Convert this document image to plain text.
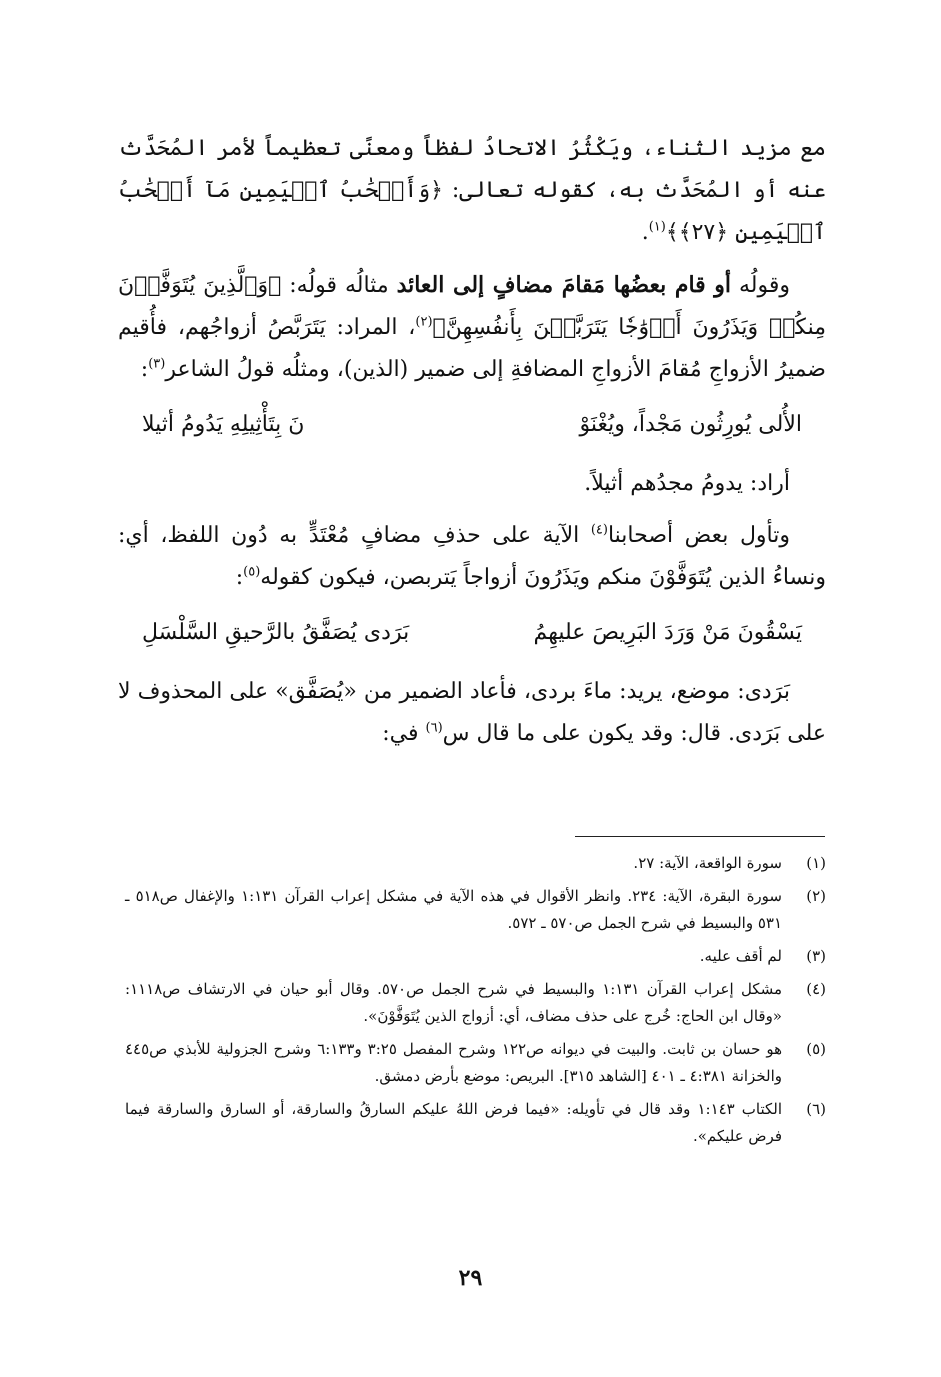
مع مزيد الثناء، ويَكْثُرُ الاتحادُ لفظاً ومعنًى تعظيماً لأمر المُحَدَّث عنه أو المُحَدَّث به، كقوله تعالى: ﴿وَأَصۡحَٰبُ ٱلۡيَمِينِ مَآ أَصۡحَٰبُ ٱلۡيَمِينِ ﴿٢٧﴾﴾$^{(١)}$.

وقولُه أو قام بعضُها مَقامَ مضافٍ إلى العائد مثالُه قولُه: ﴿وَٱلَّذِينَ يُتَوَفَّوۡنَ مِنكُمۡ وَيَذَرُونَ أَزۡوَٰجٗا يَتَرَبَّصۡنَ بِأَنفُسِهِنَّ﴾$^{(٢)}$، المراد: يَتَرَبَّصُ أزواجُهم، فأُقيم ضميرُ الأزواجِ مُقامَ الأزواجِ المضافةِ إلى ضمير (الذين)، ومثلُه قولُ الشاعر$^{(٣)}$:

الأُلى يُورِثُون مَجْداً، ويُغْنَوْ
نَ بِتَأْثِيلِهِ يَدُومُ أثيلا

أراد: يدومُ مجدُهم أثيلاً.

وتأول بعض أصحابنا$^{(٤)}$ الآية على حذفِ مضافٍ مُعْتَدٍّ به دُون اللفظ، أي: ونساءُ الذين يُتَوَفَّوْنَ منكم ويَذَرُونَ أزواجاً يَتربصن، فيكون كقوله$^{(٥)}$:

يَسْقُونَ مَنْ وَرَدَ البَرِيصَ عليهِمُ
بَرَدى يُصَفَّقُ بالرَّحيقِ السَّلْسَلِ

بَرَدى: موضع، يريد: ماءَ بردى، فأعاد الضمير من «يُصَفَّق» على المحذوف لا على بَرَدى. قال: وقد يكون على ما قال س$^{(٦)}$ في:

(١)
سورة الواقعة، الآية: ٢٧.
(٢)
سورة البقرة، الآية: ٢٣٤. وانظر الأقوال في هذه الآية في مشكل إعراب القرآن ١:١٣١ والإغفال ص٥١٨ ـ ٥٣١ والبسيط في شرح الجمل ص٥٧٠ ـ ٥٧٢.
(٣)
لم أقف عليه.
(٤)
مشكل إعراب القرآن ١:١٣١ والبسيط في شرح الجمل ص٥٧٠. وقال أبو حيان في الارتشاف ص١١١٨: «وقال ابن الحاج: خُرج على حذف مضاف، أي: أزواج الذين يُتَوَفَّوْنَ».
(٥)
هو حسان بن ثابت. والبيت في ديوانه ص١٢٢ وشرح المفصل ٣:٢٥ و٦:١٣٣ وشرح الجزولية للأبذي ص٤٤٥ والخزانة ٤:٣٨١ ـ ٤٠١ [الشاهد ٣١٥]. البريص: موضع بأرض دمشق.
(٦)
الكتاب ١:١٤٣ وقد قال في تأويله: «فيما فرض اللهُ عليكم السارقُ والسارقة، أو السارق والسارقة فيما فرض عليكم».
٢٩
